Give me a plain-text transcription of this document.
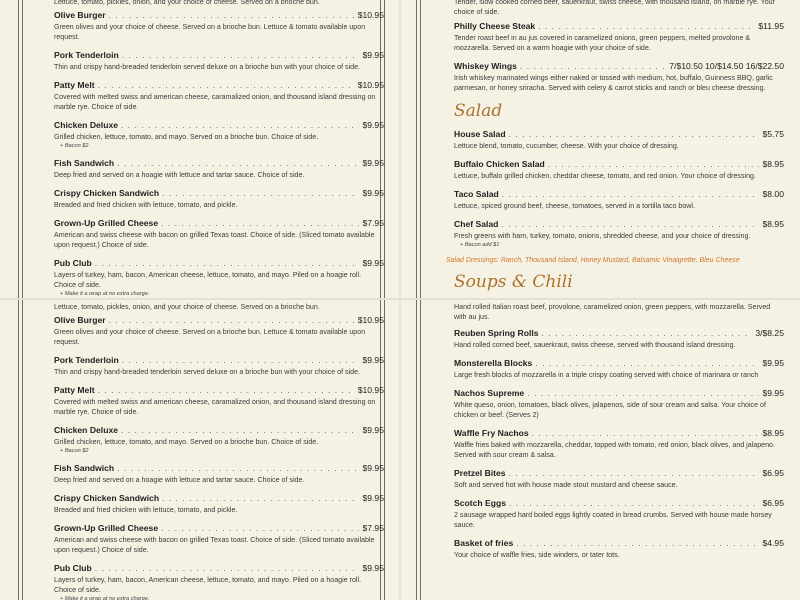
Lettuce, tomato, pickles, onion, and your choice of cheese. Served on a brioche bun.
Olive Burger . . .	$10.95
Green olives and your choice of cheese. Served on a brioche bun. Lettuce & tomato available upon request.
Pork Tenderloin . . .	$9.95
Thin and crispy hand-breaded tenderloin served deluxe on a brioche bun with your choice of side.
Patty Melt . . .	$10.95
Covered with melted swiss and american cheese, caramalized onion, and thousand island dressing on marble rye. Choice of side.
Chicken Deluxe . . .	$9.95
Grilled chicken, lettuce, tomato, and mayo. Served on a brioche bun. Choice of side.
+ Bacon $2
Fish Sandwich . . .	$9.95
Deep fried and served on a hoagie with lettuce and tartar sauce. Choice of side.
Crispy Chicken Sandwich . . .	$9.95
Breaded and fried chicken with lettuce, tomato, and pickle.
Grown-Up Grilled Cheese . . .	$7.95
American and swiss cheese with bacon on grilled Texas toast. Choice of side. (Sliced tomato available upon request.) Choice of side.
Pub Club . . .	$9.95
Layers of turkey, ham, bacon, American cheese, lettuce, tomato, and mayo. Piled on a hoagie roll. Choice of side.
+ Make it a wrap at no extra charge.
Tender, slow cooked corned beef, sauerkraut, swiss cheese, with thousand island, on marble rye. Your choice of side.
Philly Cheese Steak . . .	$11.95
Tender roast beef in au jus covered in caramelized onions, green peppers, melted provolone & mozzarella. Served on a warm hoagie with your choice of side.
Whiskey Wings . . .	7/$10.50 10/$14.50 16/$22.50
Irish whiskey marinated wings either naked or tossed with medium, hot, buffalo, Guinness BBQ, garlic parmesan, or honey sriracha. Served with celery & carrot sticks and ranch or bleu cheese dressing.
Salad
House Salad . . .	$5.75
Lettuce blend, tomato, cucumber, cheese. With your choice of dressing.
Buffalo Chicken Salad . . .	$8.95
Lettuce, buffalo grilled chicken, cheddar cheese, tomato, and red onion. Your choice of dressing.
Taco Salad . . .	$8.00
Lettuce, spiced ground beef, cheese, tomatoes, served in a tortilla taco bowl.
Chef Salad . . .	$8.95
Fresh greens with ham, turkey, tomato, onions, shredded cheese, and your choice of dressing.
+ Bacon add $1
Salad Dressings: Ranch, Thousand Island, Honey Mustard, Balsamic Vinaigrette, Bleu Cheese
Soups & Chili
Lettuce, tomato, pickles, onion, and your choice of cheese. Served on a brioche bun.
Olive Burger . . .	$10.95
Green olives and your choice of cheese. Served on a brioche bun. Lettuce & tomato available upon request.
Pork Tenderloin . . .	$9.95
Thin and crispy hand-breaded tenderloin served deluxe on a brioche bun with your choice of side.
Patty Melt . . .	$10.95
Covered with melted swiss and american cheese, caramalized onion, and thousand island dressing on marble rye. Choice of side.
Chicken Deluxe . . .	$9.95
Grilled chicken, lettuce, tomato, and mayo. Served on a brioche bun. Choice of side.
+ Bacon $2
Fish Sandwich . . .	$9.95
Deep fried and served on a hoagie with lettuce and tartar sauce. Choice of side.
Crispy Chicken Sandwich . . .	$9.95
Breaded and fried chicken with lettuce, tomato, and pickle.
Grown-Up Grilled Cheese . . .	$7.95
American and swiss cheese with bacon on grilled Texas toast. Choice of side. (Sliced tomato available upon request.) Choice of side.
Pub Club . . .	$9.95
Layers of turkey, ham, bacon, American cheese, lettuce, tomato, and mayo. Piled on a hoagie roll. Choice of side.
+ Make it a wrap at no extra charge.
Hand rolled Italian roast beef, provolone, caramelized onion, green peppers, with mozzarella. Served with au jus.
Reuben Spring Rolls . . .	3/$8.25
Hand rolled corned beef, sauerkraut, swiss cheese, served with thousand island dressing.
Monsterella Blocks . . .	$9.95
Large fresh blocks of mozzarella in a triple crispy coating served with choice of marinara or ranch
Nachos Supreme . . .	$9.95
White queso, onion, tomatoes, black olives, jalapenos, side of sour cream and salsa. Your choice of chicken or beef. (Serves 2)
Waffle Fry Nachos . . .	$8.95
Waffle fries baked with mozzarella, cheddar, topped with tomato, red onion, black olives, and jalapeno. Served with sour cream & salsa.
Pretzel Bites . . .	$6.95
Soft and served hot with house made stout mustard and cheese sauce.
Scotch Eggs . . .	$6.95
2 sausage wrapped hard boiled eggs lightly coated in bread crumbs. Served with house made horsey sauce.
Basket of fries . . .	$4.95
Your choice of waffle fries, side winders, or tater tots.
